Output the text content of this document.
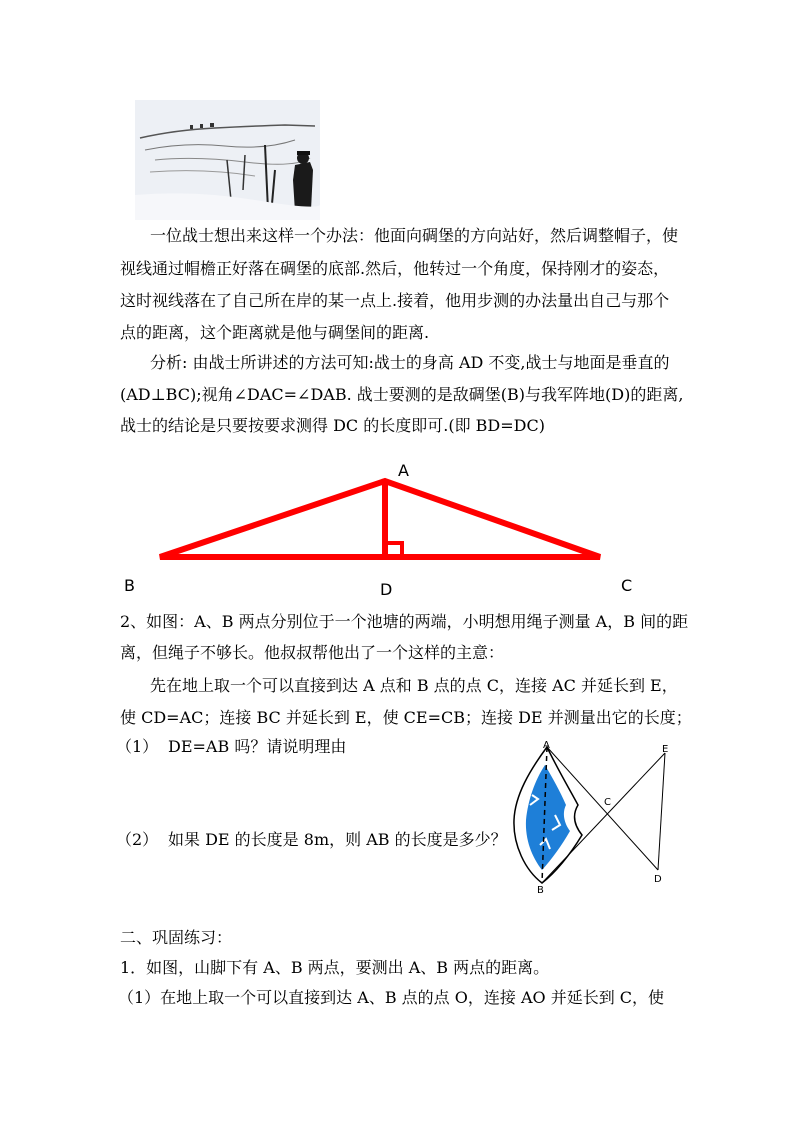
一位战士想出来这样一个办法：他面向碉堡的方向站好，然后调整帽子，使
视线通过帽檐正好落在碉堡的底部.然后，他转过一个角度，保持刚才的姿态，
这时视线落在了自己所在岸的某一点上.接着，他用步测的办法量出自己与那个
点的距离，这个距离就是他与碉堡间的距离.
分析: 由战士所讲述的方法可知:战士的身高 AD 不变,战士与地面是垂直的
(AD⊥BC);视角∠DAC=∠DAB. 战士要测的是敌碉堡(B)与我军阵地(D)的距离,
战士的结论是只要按要求测得 DC 的长度即可.(即 BD=DC)
A
B	D	C
2、如图：A、B 两点分别位于一个池塘的两端，小明想用绳子测量 A，B 间的距
离，但绳子不够长。他叔叔帮他出了一个这样的主意：
先在地上取一个可以直接到达 A 点和 B 点的点 C，连接 AC 并延长到 E，
使 CD=AC；连接 BC 并延长到 E，使 CE=CB；连接 DE 并测量出它的长度；
（1） DE=AB 吗？请说明理由
（2） 如果 DE 的长度是 8m，则 AB 的长度是多少？
A	E
C
D
B
二、巩固练习：
1．如图，山脚下有 A、B 两点，要测出 A、B 两点的距离。
（1）在地上取一个可以直接到达 A、B 点的点 O，连接 AO 并延长到 C，使
